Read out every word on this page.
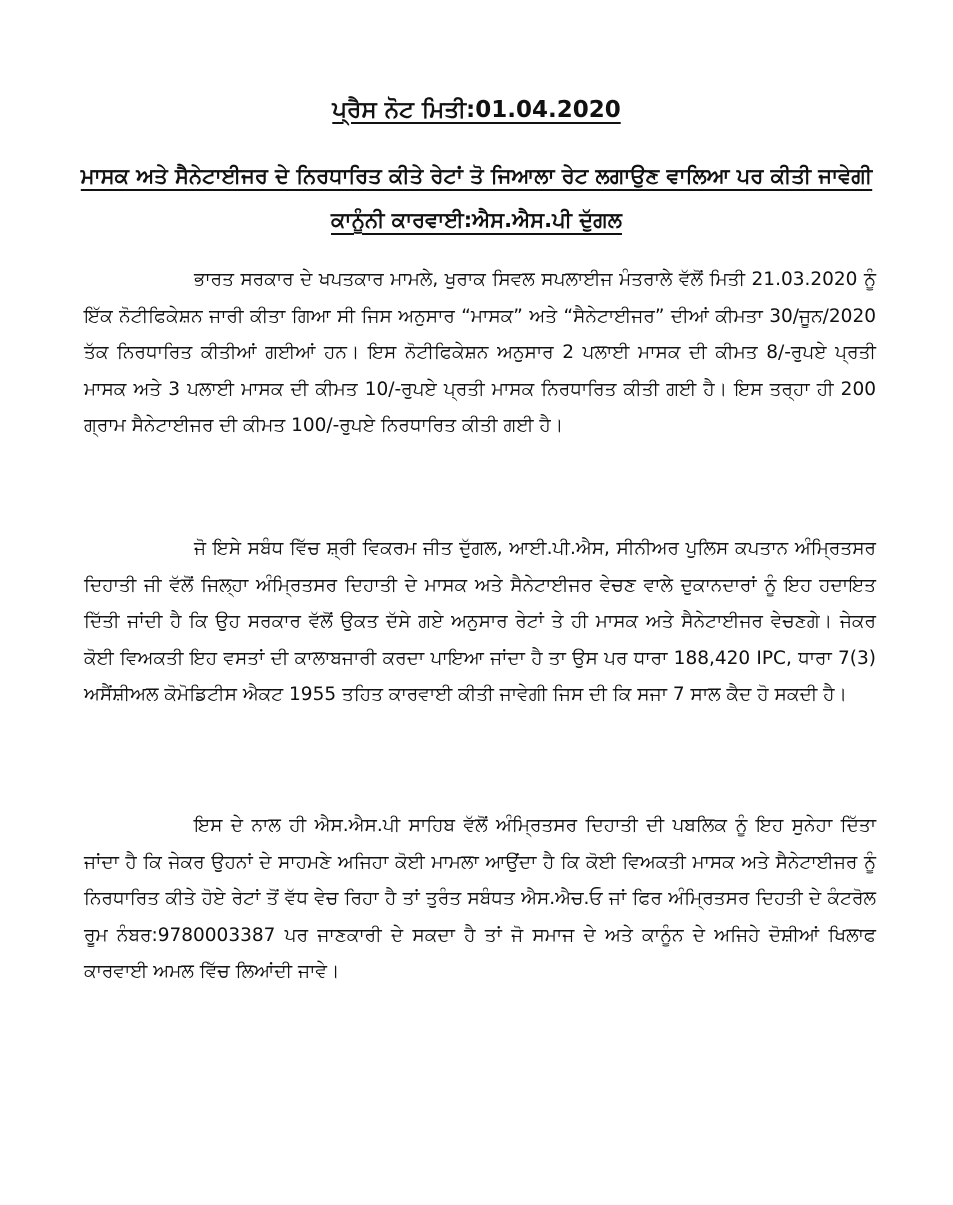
ਪ੍ਰੈਸ ਨੋਟ ਮਿਤੀ:01.04.2020
ਮਾਸਕ ਅਤੇ ਸੈਨੇਟਾਈਜਰ ਦੇ ਨਿਰਧਾਰਿਤ ਕੀਤੇ ਰੇਟਾਂ ਤੋ ਜਿਆਲਾ ਰੇਟ ਲਗਾਉਣ ਵਾਲਿਆ ਪਰ ਕੀਤੀ ਜਾਵੇਗੀ ਕਾਨੂੰਨੀ ਕਾਰਵਾਈ:ਐਸ.ਐਸ.ਪੀ ਦੁੱਗਲ

ਭਾਰਤ ਸਰਕਾਰ ਦੇ ਖਪਤਕਾਰ ਮਾਮਲੇ, ਖੁਰਾਕ ਸਿਵਲ ਸਪਲਾਈਜ ਮੰਤਰਾਲੇ ਵੱਲੋਂ ਮਿਤੀ 21.03.2020 ਨੂੰ ਇੱਕ ਨੋਟੀਫਿਕੇਸ਼ਨ ਜਾਰੀ ਕੀਤਾ ਗਿਆ ਸੀ ਜਿਸ ਅਨੁਸਾਰ “ਮਾਸਕ” ਅਤੇ “ਸੈਨੇਟਾਈਜਰ” ਦੀਆਂ ਕੀਮਤਾ 30/ਜੂਨ/2020 ਤੱਕ ਨਿਰਧਾਰਿਤ ਕੀਤੀਆਂ ਗਈਆਂ ਹਨ। ਇਸ ਨੋਟੀਫਿਕੇਸ਼ਨ ਅਨੁਸਾਰ 2 ਪਲਾਈ ਮਾਸਕ ਦੀ ਕੀਮਤ 8/-ਰੁਪਏ ਪ੍ਰਤੀ ਮਾਸਕ ਅਤੇ 3 ਪਲਾਈ ਮਾਸਕ ਦੀ ਕੀਮਤ 10/-ਰੁਪਏ ਪ੍ਰਤੀ ਮਾਸਕ ਨਿਰਧਾਰਿਤ ਕੀਤੀ ਗਈ ਹੈ। ਇਸ ਤਰ੍ਹਾ ਹੀ 200 ਗ੍ਰਾਮ ਸੈਨੇਟਾਈਜਰ ਦੀ ਕੀਮਤ 100/-ਰੁਪਏ ਨਿਰਧਾਰਿਤ ਕੀਤੀ ਗਈ ਹੈ।

ਜੋ ਇਸੇ ਸਬੰਧ ਵਿੱਚ ਸ਼੍ਰੀ ਵਿਕਰਮ ਜੀਤ ਦੁੱਗਲ, ਆਈ.ਪੀ.ਐਸ, ਸੀਨੀਅਰ ਪੁਲਿਸ ਕਪਤਾਨ ਅੰਮ੍ਰਿਤਸਰ ਦਿਹਾਤੀ ਜੀ ਵੱਲੋਂ ਜਿਲ੍ਹਾ ਅੰਮ੍ਰਿਤਸਰ ਦਿਹਾਤੀ ਦੇ ਮਾਸਕ ਅਤੇ ਸੈਨੇਟਾਈਜਰ ਵੇਚਣ ਵਾਲੇ ਦੁਕਾਨਦਾਰਾਂ ਨੂੰ ਇਹ ਹਦਾਇਤ ਦਿੱਤੀ ਜਾਂਦੀ ਹੈ ਕਿ ਉਹ ਸਰਕਾਰ ਵੱਲੋਂ ਉਕਤ ਦੱਸੇ ਗਏ ਅਨੁਸਾਰ ਰੇਟਾਂ ਤੇ ਹੀ ਮਾਸਕ ਅਤੇ ਸੈਨੇਟਾਈਜਰ ਵੇਚਣਗੇ। ਜੇਕਰ ਕੋਈ ਵਿਅਕਤੀ ਇਹ ਵਸਤਾਂ ਦੀ ਕਾਲਾਬਜਾਰੀ ਕਰਦਾ ਪਾਇਆ ਜਾਂਦਾ ਹੈ ਤਾ ਉਸ ਪਰ ਧਾਰਾ 188,420 IPC, ਧਾਰਾ 7(3) ਅਸੈਂਸ਼ੀਅਲ ਕੋਮੋਡਿਟੀਸ ਐਕਟ 1955 ਤਹਿਤ ਕਾਰਵਾਈ ਕੀਤੀ ਜਾਵੇਗੀ ਜਿਸ ਦੀ ਕਿ ਸਜਾ 7 ਸਾਲ ਕੈਦ ਹੋ ਸਕਦੀ ਹੈ।

ਇਸ ਦੇ ਨਾਲ ਹੀ ਐਸ.ਐਸ.ਪੀ ਸਾਹਿਬ ਵੱਲੋਂ ਅੰਮ੍ਰਿਤਸਰ ਦਿਹਾਤੀ ਦੀ ਪਬਲਿਕ ਨੂੰ ਇਹ ਸੁਨੇਹਾ ਦਿੱਤਾ ਜਾਂਦਾ ਹੈ ਕਿ ਜੇਕਰ ਉਹਨਾਂ ਦੇ ਸਾਹਮਣੇ ਅਜਿਹਾ ਕੋਈ ਮਾਮਲਾ ਆਉਂਦਾ ਹੈ ਕਿ ਕੋਈ ਵਿਅਕਤੀ ਮਾਸਕ ਅਤੇ ਸੈਨੇਟਾਈਜਰ ਨੂੰ ਨਿਰਧਾਰਿਤ ਕੀਤੇ ਹੋਏ ਰੇਟਾਂ ਤੋਂ ਵੱਧ ਵੇਚ ਰਿਹਾ ਹੈ ਤਾਂ ਤੁਰੰਤ ਸਬੰਧਤ ਐਸ.ਐਚ.ਓ ਜਾਂ ਫਿਰ ਅੰਮ੍ਰਿਤਸਰ ਦਿਹਤੀ ਦੇ ਕੰਟਰੋਲ ਰੂਮ ਨੰਬਰ:9780003387 ਪਰ ਜਾਣਕਾਰੀ ਦੇ ਸਕਦਾ ਹੈ ਤਾਂ ਜੋ ਸਮਾਜ ਦੇ ਅਤੇ ਕਾਨੂੰਨ ਦੇ ਅਜਿਹੇ ਦੋਸ਼ੀਆਂ ਖਿਲਾਫ ਕਾਰਵਾਈ ਅਮਲ ਵਿੱਚ ਲਿਆਂਦੀ ਜਾਵੇ।
